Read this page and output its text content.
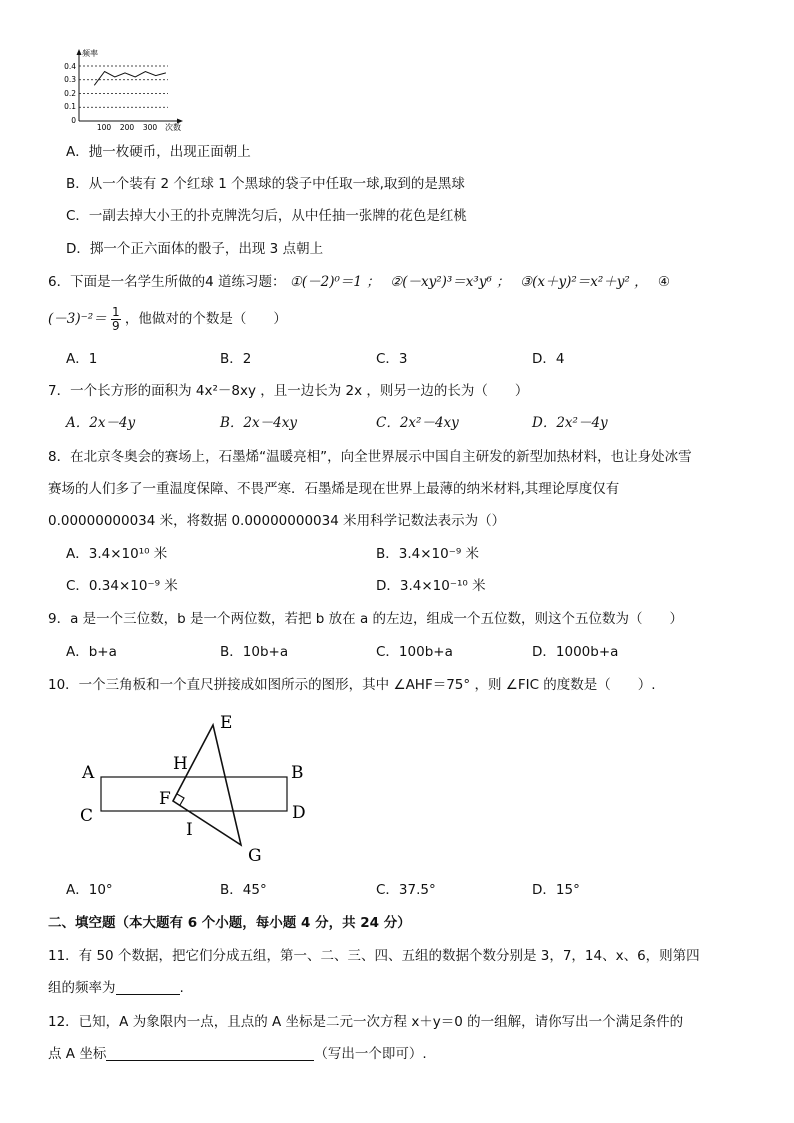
频率
次数
0.4
0.3
0.2
0.1
0
100 200 300
A．抛一枚硬币，出现正面朝上
B．从一个装有 2 个红球 1 个黑球的袋子中任取一球,取到的是黑球
C．一副去掉大小王的扑克牌洗匀后，从中任抽一张牌的花色是红桃
D．掷一个正六面体的骰子，出现 3 点朝上
6．下面是一名学生所做的4 道练习题： ①(－2)⁰＝1 ； ②(－xy²)³＝x³y⁶ ； ③(x＋y)²＝x²＋y² ， ④
$(-3)^{-2}= \frac{1}{9}$ ，他做对的个数是（　　）
A．1	B．2	C．3	D．4
7．一个长方形的面积为 4x²－8xy ，且一边长为 2x ，则另一边的长为（　　）
A．2x－4y	B．2x－4xy	C．2x²－4xy	D．2x²－4y
8．在北京冬奥会的赛场上，石墨烯“温暖亮相”，向全世界展示中国自主研发的新型加热材料，也让身处冰雪
赛场的人们多了一重温度保障、不畏严寒．石墨烯是现在世界上最薄的纳米材料,其理论厚度仅有
0.00000000034 米，将数据 0.00000000034 米用科学记数法表示为（）
A．3.4×10¹⁰ 米	B．3.4×10⁻⁹ 米
C．0.34×10⁻⁹ 米	D．3.4×10⁻¹⁰ 米
9．a 是一个三位数，b 是一个两位数，若把 b 放在 a 的左边，组成一个五位数，则这个五位数为（　　）
A．b+a	B．10b+a	C．100b+a	D．1000b+a
10．一个三角板和一个直尺拼接成如图所示的图形，其中 ∠AHF＝75° ，则 ∠FIC 的度数是（　　）.
E
H
A	B
F
C	D
I
G
A．10°	B．45°	C．37.5°	D．15°
二、填空题（本大题有 6 个小题，每小题 4 分，共 24 分）
11．有 50 个数据，把它们分成五组，第一、二、三、四、五组的数据个数分别是 3，7，14、x、6，则第四
组的频率为	.
12．已知，A 为象限内一点，且点的 A 坐标是二元一次方程 x＋y＝0 的一组解，请你写出一个满足条件的
点 A 坐标	（写出一个即可）.
